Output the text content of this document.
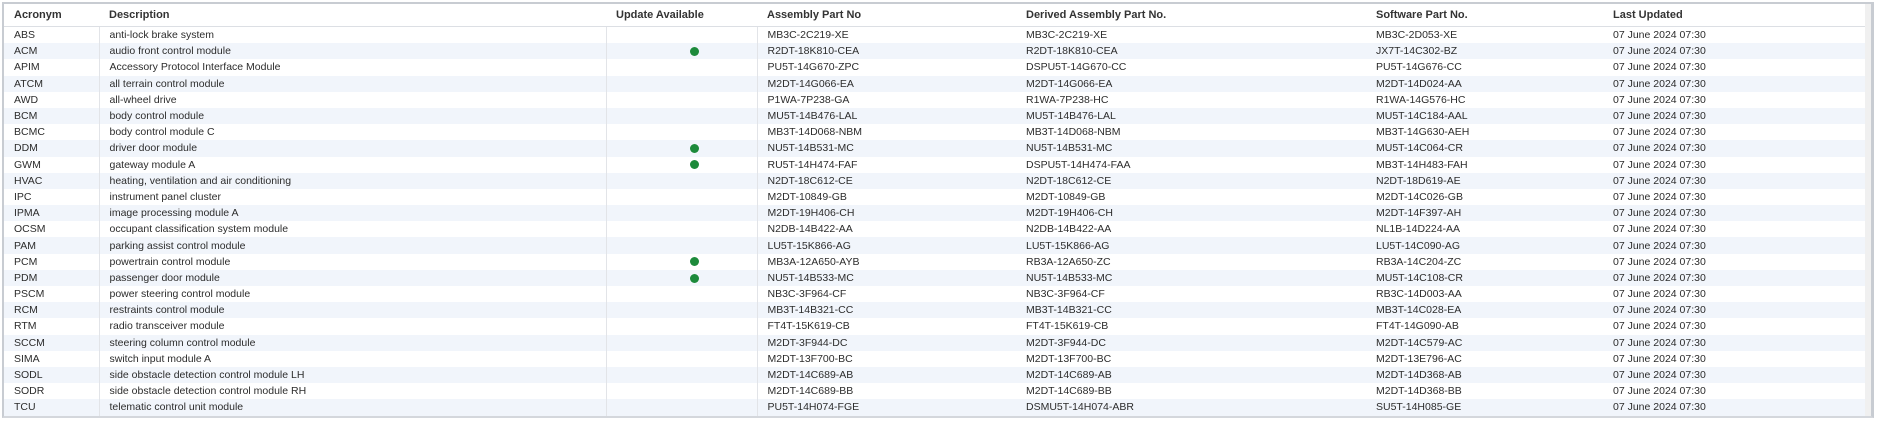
Acronym	Description	Update Available	Assembly Part No	Derived Assembly Part No.	Software Part No.	Last Updated
ABS	anti-lock brake system		MB3C-2C219-XE	MB3C-2C219-XE	MB3C-2D053-XE	07 June 2024 07:30
ACM	audio front control module		R2DT-18K810-CEA	R2DT-18K810-CEA	JX7T-14C302-BZ	07 June 2024 07:30
APIM	Accessory Protocol Interface Module		PU5T-14G670-ZPC	DSPU5T-14G670-CC	PU5T-14G676-CC	07 June 2024 07:30
ATCM	all terrain control module		M2DT-14G066-EA	M2DT-14G066-EA	M2DT-14D024-AA	07 June 2024 07:30
AWD	all-wheel drive		P1WA-7P238-GA	R1WA-7P238-HC	R1WA-14G576-HC	07 June 2024 07:30
BCM	body control module		MU5T-14B476-LAL	MU5T-14B476-LAL	MU5T-14C184-AAL	07 June 2024 07:30
BCMC	body control module C		MB3T-14D068-NBM	MB3T-14D068-NBM	MB3T-14G630-AEH	07 June 2024 07:30
DDM	driver door module		NU5T-14B531-MC	NU5T-14B531-MC	MU5T-14C064-CR	07 June 2024 07:30
GWM	gateway module A		RU5T-14H474-FAF	DSPU5T-14H474-FAA	MB3T-14H483-FAH	07 June 2024 07:30
HVAC	heating, ventilation and air conditioning		N2DT-18C612-CE	N2DT-18C612-CE	N2DT-18D619-AE	07 June 2024 07:30
IPC	instrument panel cluster		M2DT-10849-GB	M2DT-10849-GB	M2DT-14C026-GB	07 June 2024 07:30
IPMA	image processing module A		M2DT-19H406-CH	M2DT-19H406-CH	M2DT-14F397-AH	07 June 2024 07:30
OCSM	occupant classification system module		N2DB-14B422-AA	N2DB-14B422-AA	NL1B-14D224-AA	07 June 2024 07:30
PAM	parking assist control module		LU5T-15K866-AG	LU5T-15K866-AG	LU5T-14C090-AG	07 June 2024 07:30
PCM	powertrain control module		MB3A-12A650-AYB	RB3A-12A650-ZC	RB3A-14C204-ZC	07 June 2024 07:30
PDM	passenger door module		NU5T-14B533-MC	NU5T-14B533-MC	MU5T-14C108-CR	07 June 2024 07:30
PSCM	power steering control module		NB3C-3F964-CF	NB3C-3F964-CF	RB3C-14D003-AA	07 June 2024 07:30
RCM	restraints control module		MB3T-14B321-CC	MB3T-14B321-CC	MB3T-14C028-EA	07 June 2024 07:30
RTM	radio transceiver module		FT4T-15K619-CB	FT4T-15K619-CB	FT4T-14G090-AB	07 June 2024 07:30
SCCM	steering column control module		M2DT-3F944-DC	M2DT-3F944-DC	M2DT-14C579-AC	07 June 2024 07:30
SIMA	switch input module A		M2DT-13F700-BC	M2DT-13F700-BC	M2DT-13E796-AC	07 June 2024 07:30
SODL	side obstacle detection control module LH		M2DT-14C689-AB	M2DT-14C689-AB	M2DT-14D368-AB	07 June 2024 07:30
SODR	side obstacle detection control module RH		M2DT-14C689-BB	M2DT-14C689-BB	M2DT-14D368-BB	07 June 2024 07:30
TCU	telematic control unit module		PU5T-14H074-FGE	DSMU5T-14H074-ABR	SU5T-14H085-GE	07 June 2024 07:30
